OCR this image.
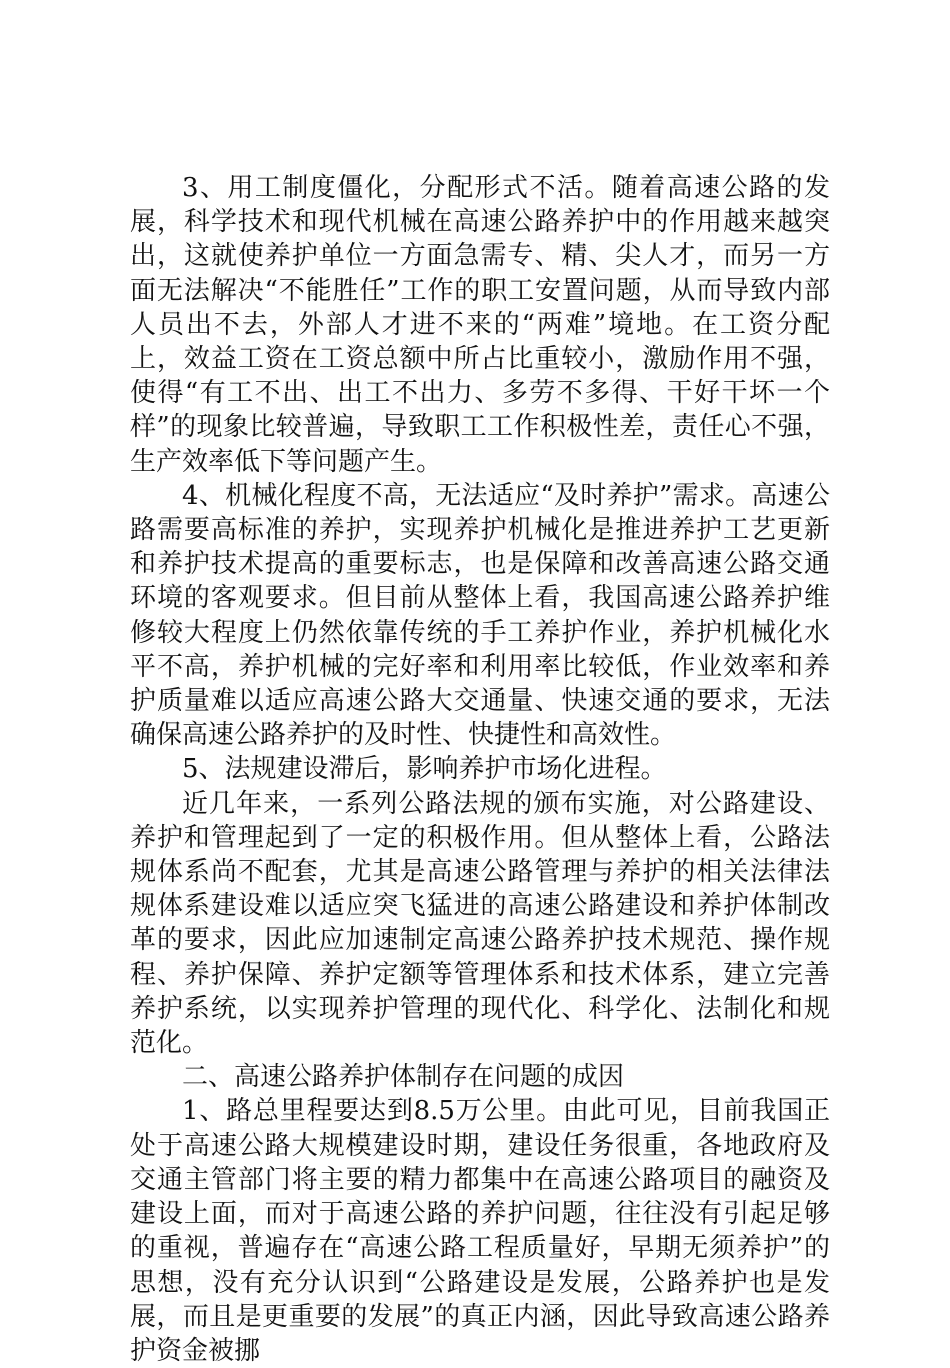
3、用工制度僵化，分配形式不活。随着高速公路的发展，科学技术和现代机械在高速公路养护中的作用越来越突出，这就使养护单位一方面急需专、精、尖人才，而另一方面无法解决“不能胜任”工作的职工安置问题，从而导致内部人员出不去，外部人才进不来的“两难”境地。在工资分配上，效益工资在工资总额中所占比重较小，激励作用不强，使得“有工不出、出工不出力、多劳不多得、干好干坏一个样”的现象比较普遍，导致职工工作积极性差，责任心不强，生产效率低下等问题产生。

4、机械化程度不高，无法适应“及时养护”需求。高速公路需要高标准的养护，实现养护机械化是推进养护工艺更新和养护技术提高的重要标志，也是保障和改善高速公路交通环境的客观要求。但目前从整体上看，我国高速公路养护维修较大程度上仍然依靠传统的手工养护作业，养护机械化水平不高，养护机械的完好率和利用率比较低，作业效率和养护质量难以适应高速公路大交通量、快速交通的要求，无法确保高速公路养护的及时性、快捷性和高效性。

5、法规建设滞后，影响养护市场化进程。

近几年来，一系列公路法规的颁布实施，对公路建设、养护和管理起到了一定的积极作用。但从整体上看，公路法规体系尚不配套，尤其是高速公路管理与养护的相关法律法规体系建设难以适应突飞猛进的高速公路建设和养护体制改革的要求，因此应加速制定高速公路养护技术规范、操作规程、养护保障、养护定额等管理体系和技术体系，建立完善养护系统，以实现养护管理的现代化、科学化、法制化和规范化。

二、高速公路养护体制存在问题的成因

1、路总里程要达到8.5万公里。由此可见，目前我国正处于高速公路大规模建设时期，建设任务很重，各地政府及交通主管部门将主要的精力都集中在高速公路项目的融资及建设上面，而对于高速公路的养护问题，往往没有引起足够的重视，普遍存在“高速公路工程质量好，早期无须养护”的思想，没有充分认识到“公路建设是发展，公路养护也是发展，而且是更重要的发展”的真正内涵，因此导致高速公路养护资金被挪
